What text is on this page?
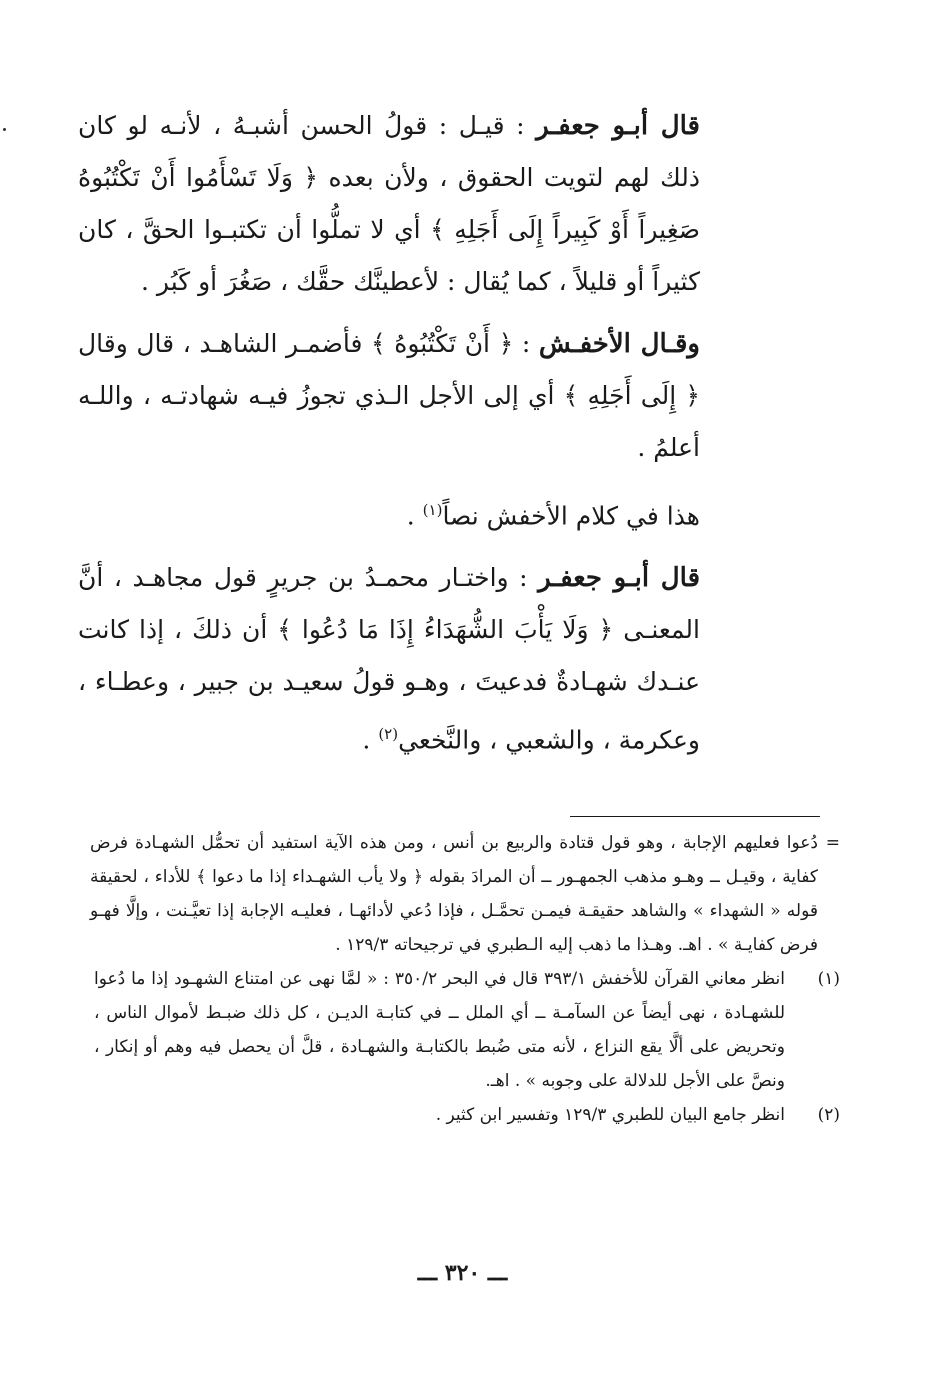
قال أبـو جعفـر : قيـل : قولُ الحسن أشبـهُ ، لأنـه لو كان ذلك لهم لتويت الحقوق ، ولأن بعده ﴿ وَلَا تَسْأَمُوا أَنْ تَكْتُبُوهُ صَغِيراً أَوْ كَبِيراً إِلَى أَجَلِهِ ﴾ أي لا تملُّوا أن تكتبـوا الحقَّ ، كان كثيراً أو قليلاً ، كما يُقال : لأعطينَّك حقَّك ، صَغُرَ أو كَبُر .

وقـال الأخفـش : ﴿ أَنْ تَكْتُبُوهُ ﴾ فأضمـر الشاهـد ، قال وقال ﴿ إِلَى أَجَلِهِ ﴾ أي إلى الأجل الـذي تجوزُ فيـه شهادتـه ، واللـه أعلمُ .

هذا في كلام الأخفش نصاً$^{(١)}$ .

قال أبـو جعفـر : واختـار محمـدُ بن جريرٍ قول مجاهـد ، أنَّ المعنـى ﴿ وَلَا يَأْبَ الشُّهَدَاءُ إِذَا مَا دُعُوا ﴾ أن ذلكَ ، إذا كانت عنـدك شهـادةٌ فدعيتَ ، وهـو قولُ سعيـد بن جبير ، وعطـاء ، وعكرمة ، والشعبي ، والنَّخعي$^{(٢)}$ .

=
دُعوا فعليهم الإجابة ، وهو قول قتادة والربيع بن أنس ، ومن هذه الآية استفيد أن تحمُّل الشهـادة فرض كفاية ، وقيـل ــ وهـو مذهب الجمهـور ــ أن المرادَ بقوله ﴿ ولا يأب الشهـداء إذا ما دعوا ﴾ للأداء ، لحقيقة قوله « الشهداء » والشاهد حقيقـة فيمـن تحمَّـل ، فإذا دُعي لأدائهـا ، فعليـه الإجابة إذا تعيَّـنت ، وإلَّا فهـو فرض كفايـة » . اهـ. وهـذا ما ذهب إليه الـطبري في ترجيحاته ١٢٩/٣ .

(١)
انظر معاني القرآن للأخفش ٣٩٣/١ قال في البحر ٣٥٠/٢ : « لمَّا نهى عن امتناع الشهـود إذا ما دُعوا للشهـادة ، نهى أيضاً عن السآمـة ــ أي الملل ــ في كتابـة الديـن ، كل ذلك ضبـط لأموال الناس ، وتحريض على ألَّا يقع النزاع ، لأنه متى ضُبط بالكتابـة والشهـادة ، قلَّ أن يحصل فيه وهم أو إنكار ، ونصَّ على الأجل للدلالة على وجوبه » . اهـ.
(٢)
انظر جامع البيان للطبري ١٢٩/٣ وتفسير ابن كثير .
ـــ ٣٢٠ ـــ
